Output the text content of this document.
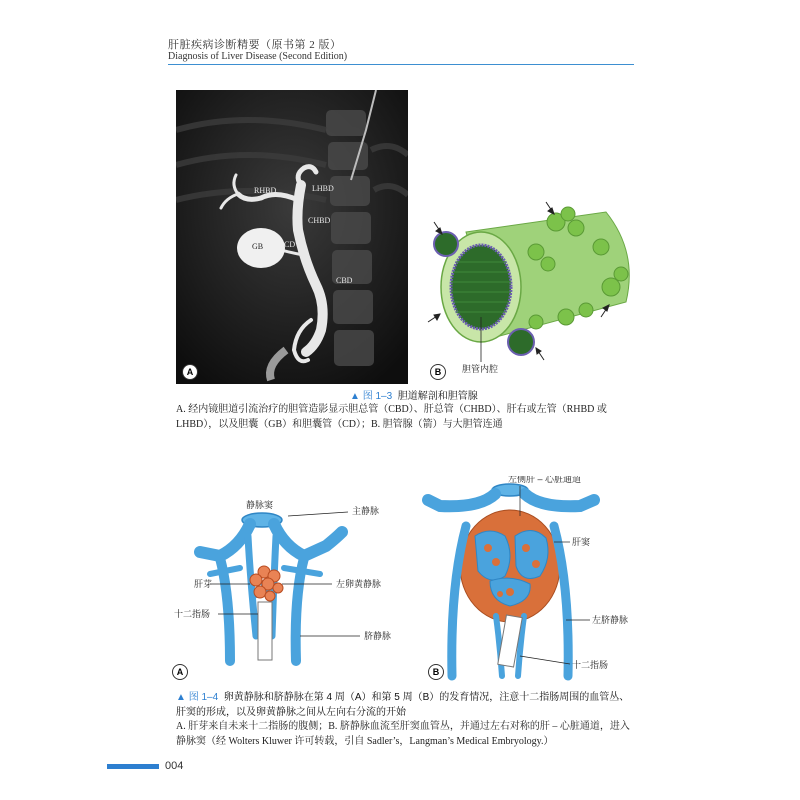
肝脏疾病诊断精要（原书第 2 版）
Diagnosis of Liver Disease (Second Edition)
RHBD	LHBD
CHBD
GB	CD
CBD
A	胆管内腔
B
▲ 图 1–3 胆道解剖和胆管腺
A. 经内镜胆道引流治疗的胆管造影显示胆总管（CBD）、肝总管（CHBD）、肝右或左管（RHBD 或 LHBD），以及胆囊（GB）和胆囊管（CD）；B. 胆管腺（箭）与大胆管连通
静脉窦
主静脉
肝芽	左卵黄静脉
十二指肠
脐静脉
左侧肝 – 心脏通道
肝窦
左脐静脉
十二指肠
A	B
▲ 图 1–4 卵黄静脉和脐静脉在第 4 周（A）和第 5 周（B）的发育情况，注意十二指肠周围的血管丛、肝窦的形成，以及卵黄静脉之间从左向右分流的开始
A. 肝芽来自未来十二指肠的腹侧；B. 脐静脉血流至肝窦血管丛，并通过左右对称的肝 – 心脏通道，进入静脉窦（经 Wolters Kluwer 许可转载，引自 Sadler’s，Langman’s Medical Embryology.）
004
